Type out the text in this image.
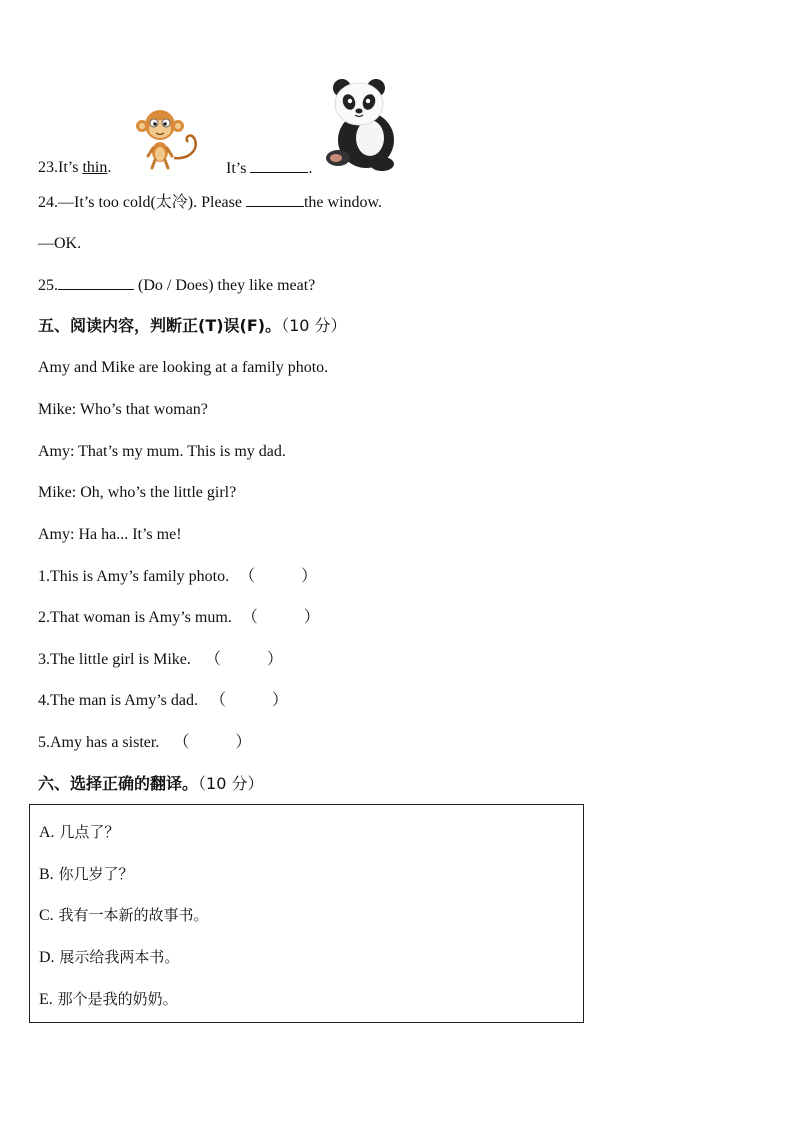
23.It’s thin.	It’s	.
24.—It’s too cold(太冷). Please	the window.
—OK.
25.	(Do / Does) they like meat?
五、阅读内容，判断正(T)误(F)。（10 分）
Amy and Mike are looking at a family photo.
Mike: Who’s that woman?
Amy: That’s my mum. This is my dad.
Mike: Oh, who’s the little girl?
Amy: Ha ha... It’s me!
1.This is Amy’s family photo. （	）
2.That woman is Amy’s mum. （	）
3.The little girl is Mike. （	）
4.The man is Amy’s dad. （	）
5.Amy has a sister. （	）
六、选择正确的翻译。（10 分）
A. 几点了？
B. 你几岁了？
C. 我有一本新的故事书。
D. 展示给我两本书。
E. 那个是我的奶奶。
